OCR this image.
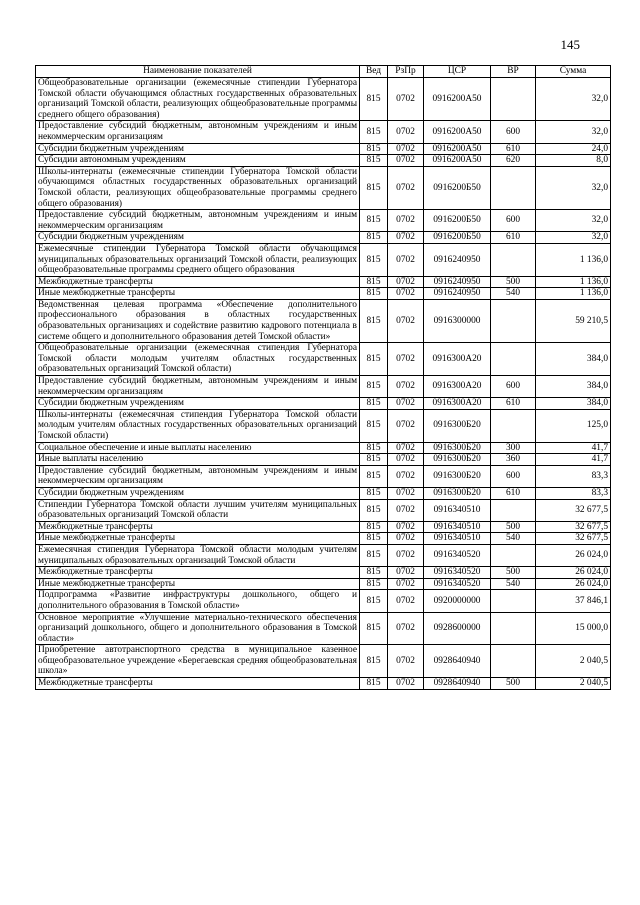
145
Наименование показателей	Вед	РзПр	ЦСР	ВР	Сумма
Общеобразовательные организации (ежемесячные стипендии Губернатора Томской области обучающимся областных государственных образовательных организаций Томской области, реализующих общеобразовательные программы среднего общего образования)	815	0702	0916200А50		32,0
Предоставление субсидий бюджетным, автономным учреждениям и иным некоммерческим организациям	815	0702	0916200А50	600	32,0
Субсидии бюджетным учреждениям	815	0702	0916200А50	610	24,0
Субсидии автономным учреждениям	815	0702	0916200А50	620	8,0
Школы-интернаты (ежемесячные стипендии Губернатора Томской области обучающимся областных государственных образовательных организаций Томской области, реализующих общеобразовательные программы среднего общего образования)	815	0702	0916200Б50		32,0
Предоставление субсидий бюджетным, автономным учреждениям и иным некоммерческим организациям	815	0702	0916200Б50	600	32,0
Субсидии бюджетным учреждениям	815	0702	0916200Б50	610	32,0
Ежемесячные стипендии Губернатора Томской области обучающимся муниципальных образовательных организаций Томской области, реализующих общеобразовательные программы среднего общего образования	815	0702	0916240950		1 136,0
Межбюджетные трансферты	815	0702	0916240950	500	1 136,0
Иные межбюджетные трансферты	815	0702	0916240950	540	1 136,0
Ведомственная целевая программа «Обеспечение дополнительного профессионального образования в областных государственных образовательных организациях и содействие развитию кадрового потенциала в системе общего и дополнительного образования детей Томской области»	815	0702	0916300000		59 210,5
Общеобразовательные организации (ежемесячная стипендия Губернатора Томской области молодым учителям областных государственных образовательных организаций Томской области)	815	0702	0916300А20		384,0
Предоставление субсидий бюджетным, автономным учреждениям и иным некоммерческим организациям	815	0702	0916300А20	600	384,0
Субсидии бюджетным учреждениям	815	0702	0916300А20	610	384,0
Школы-интернаты (ежемесячная стипендия Губернатора Томской области молодым учителям областных государственных образовательных организаций Томской области)	815	0702	0916300Б20		125,0
Социальное обеспечение и иные выплаты населению	815	0702	0916300Б20	300	41,7
Иные выплаты населению	815	0702	0916300Б20	360	41,7
Предоставление субсидий бюджетным, автономным учреждениям и иным некоммерческим организациям	815	0702	0916300Б20	600	83,3
Субсидии бюджетным учреждениям	815	0702	0916300Б20	610	83,3
Стипендии Губернатора Томской области лучшим учителям муниципальных образовательных организаций Томской области	815	0702	0916340510		32 677,5
Межбюджетные трансферты	815	0702	0916340510	500	32 677,5
Иные межбюджетные трансферты	815	0702	0916340510	540	32 677,5
Ежемесячная стипендия Губернатора Томской области молодым учителям муниципальных образовательных организаций Томской области	815	0702	0916340520		26 024,0
Межбюджетные трансферты	815	0702	0916340520	500	26 024,0
Иные межбюджетные трансферты	815	0702	0916340520	540	26 024,0
Подпрограмма «Развитие инфраструктуры дошкольного, общего и дополнительного образования в Томской области»	815	0702	0920000000		37 846,1
Основное мероприятие «Улучшение материально-технического обеспечения организаций дошкольного, общего и дополнительного образования в Томской области»	815	0702	0928600000		15 000,0
Приобретение автотранспортного средства в муниципальное казенное общеобразовательное учреждение «Берегаевская средняя общеобразовательная школа»	815	0702	0928640940		2 040,5
Межбюджетные трансферты	815	0702	0928640940	500	2 040,5
